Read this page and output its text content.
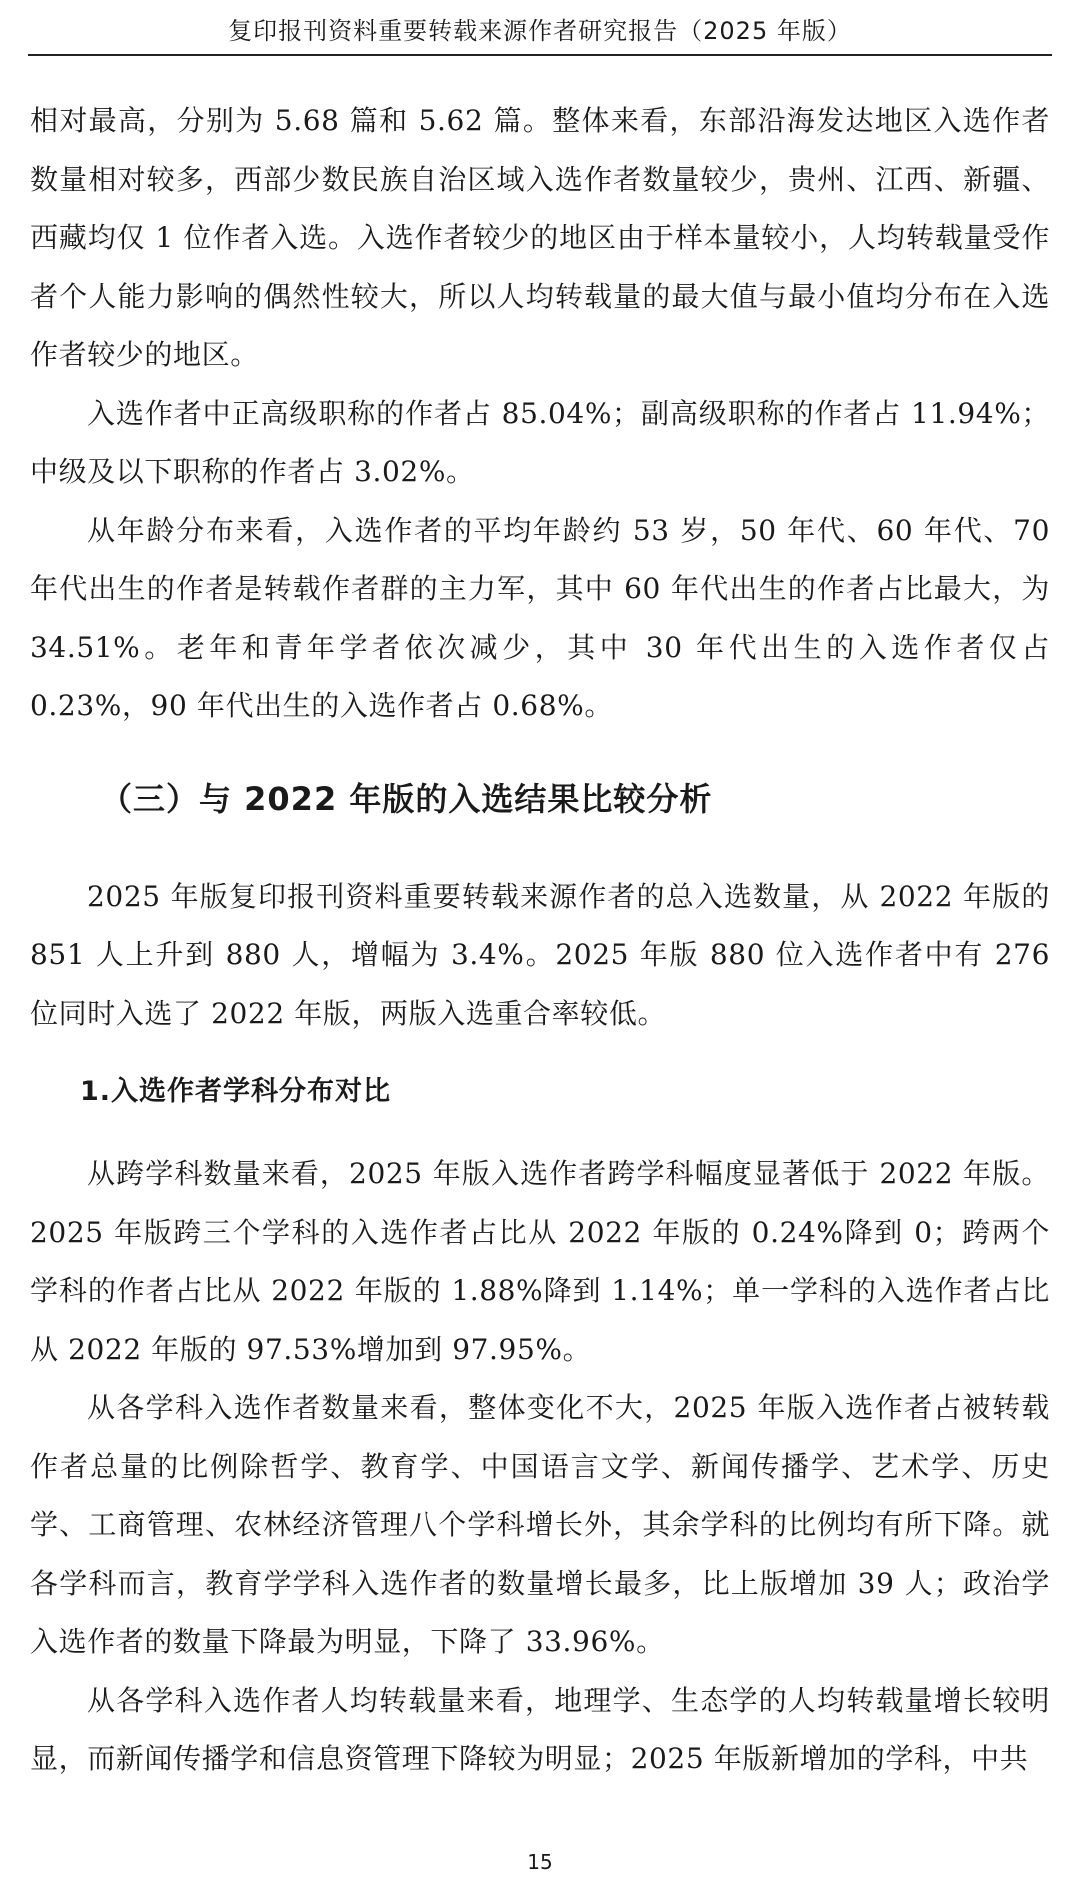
复印报刊资料重要转载来源作者研究报告（2025 年版）

相对最高，分别为 5.68 篇和 5.62 篇。整体来看，东部沿海发达地区入选作者数量相对较多，西部少数民族自治区域入选作者数量较少，贵州、江西、新疆、西藏均仅 1 位作者入选。入选作者较少的地区由于样本量较小，人均转载量受作者个人能力影响的偶然性较大，所以人均转载量的最大值与最小值均分布在入选作者较少的地区。

入选作者中正高级职称的作者占 85.04%；副高级职称的作者占 11.94%；中级及以下职称的作者占 3.02%。

从年龄分布来看，入选作者的平均年龄约 53 岁，50 年代、60 年代、70 年代出生的作者是转载作者群的主力军，其中 60 年代出生的作者占比最大，为 34.51%。老年和青年学者依次减少，其中 30 年代出生的入选作者仅占 0.23%，90 年代出生的入选作者占 0.68%。

（三）与 2022 年版的入选结果比较分析

2025 年版复印报刊资料重要转载来源作者的总入选数量，从 2022 年版的 851 人上升到 880 人，增幅为 3.4%。2025 年版 880 位入选作者中有 276 位同时入选了 2022 年版，两版入选重合率较低。

1.入选作者学科分布对比

从跨学科数量来看，2025 年版入选作者跨学科幅度显著低于 2022 年版。2025 年版跨三个学科的入选作者占比从 2022 年版的 0.24%降到 0；跨两个学科的作者占比从 2022 年版的 1.88%降到 1.14%；单一学科的入选作者占比从 2022 年版的 97.53%增加到 97.95%。

从各学科入选作者数量来看，整体变化不大，2025 年版入选作者占被转载作者总量的比例除哲学、教育学、中国语言文学、新闻传播学、艺术学、历史学、工商管理、农林经济管理八个学科增长外，其余学科的比例均有所下降。就各学科而言，教育学学科入选作者的数量增长最多，比上版增加 39 人；政治学入选作者的数量下降最为明显，下降了 33.96%。

从各学科入选作者人均转载量来看，地理学、生态学的人均转载量增长较明显，而新闻传播学和信息资管理下降较为明显；2025 年版新增加的学科，中共

15
